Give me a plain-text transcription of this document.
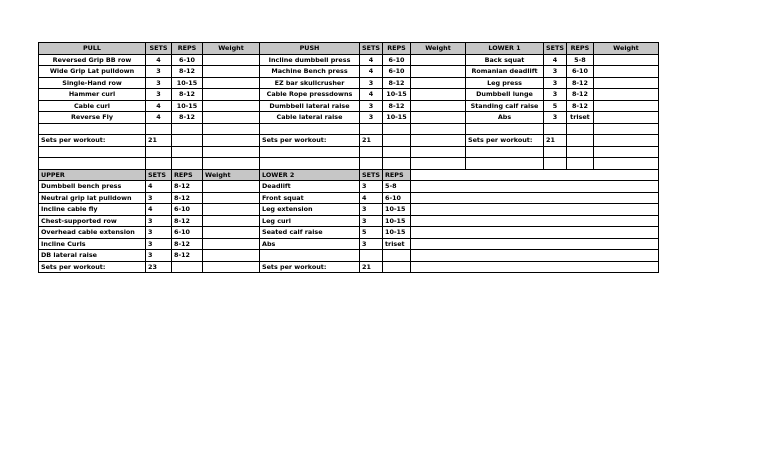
PULL	SETS	REPS	Weight	PUSH	SETS	REPS	Weight	LOWER 1	SETS	REPS	Weight
Reversed Grip BB row	4	6-10		Incline dumbbell press	4	6-10		Back squat	4	5-8	
Wide Grip Lat pulldown	3	8-12		Machine Bench press	4	6-10		Romanian deadlift	3	6-10	
Single-Hand row	3	10-15		EZ bar skullcrusher	3	8-12		Leg press	3	8-12	
Hammer curl	3	8-12		Cable Rope pressdowns	4	10-15		Dumbbell lunge	3	8-12	
Cable curl	4	10-15		Dumbbell lateral raise	3	8-12		Standing calf raise	5	8-12	
Reverse Fly	4	8-12		Cable lateral raise	3	10-15		Abs	3	triset	

Sets per workout:	21			Sets per workout:	21			Sets per workout:	21		

UPPER	SETS	REPS	Weight	LOWER 2	SETS	REPS					
Dumbbell bench press	4	8-12		Deadlift	3	5-8					
Neutral grip lat pulldown	3	8-12		Front squat	4	6-10					
Incline cable fly	4	6-10		Leg extension	3	10-15					
Chest-supported row	3	8-12		Leg curl	3	10-15					
Overhead cable extension	3	6-10		Seated calf raise	5	10-15					
Incline Curls	3	8-12		Abs	3	triset					
DB lateral raise	3	8-12									
Sets per workout:	23			Sets per workout:	21						
